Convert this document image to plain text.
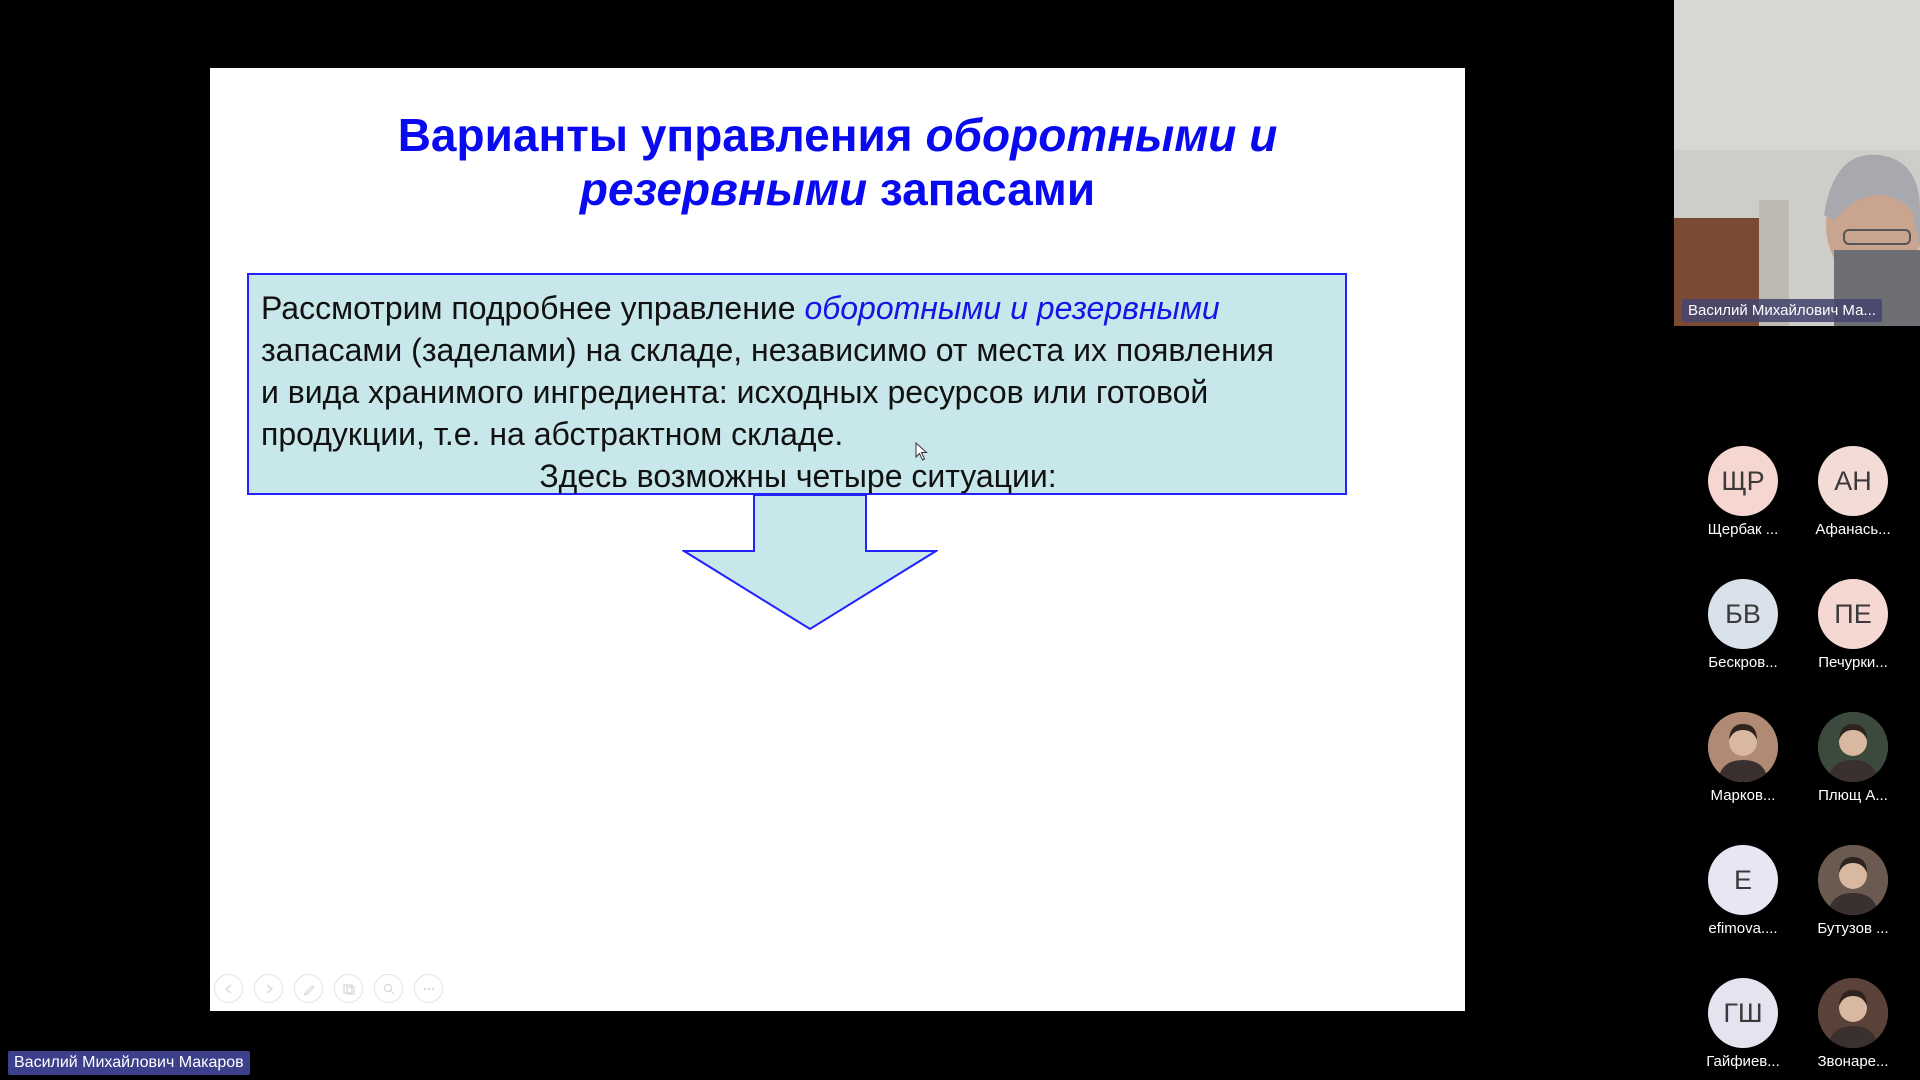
Варианты управления оборотными и
резервными запасами
Рассмотрим подробнее управление оборотными и резервными
запасами (заделами) на складе, независимо от места их появления
и вида хранимого ингредиента: исходных ресурсов или готовой
продукции, т.е. на абстрактном складе.

Здесь возможны четыре ситуации:
Василий Михайлович Ма...
ЩР
Щербак ...
АН
Афанась...
БВ
Бескров...
ПЕ
Печурки...
Марков...	Плющ А...
Е
efimova....	Бутузов ...
ГШ
Гайфиев...	Звонаре...
Василий Михайлович Макаров
